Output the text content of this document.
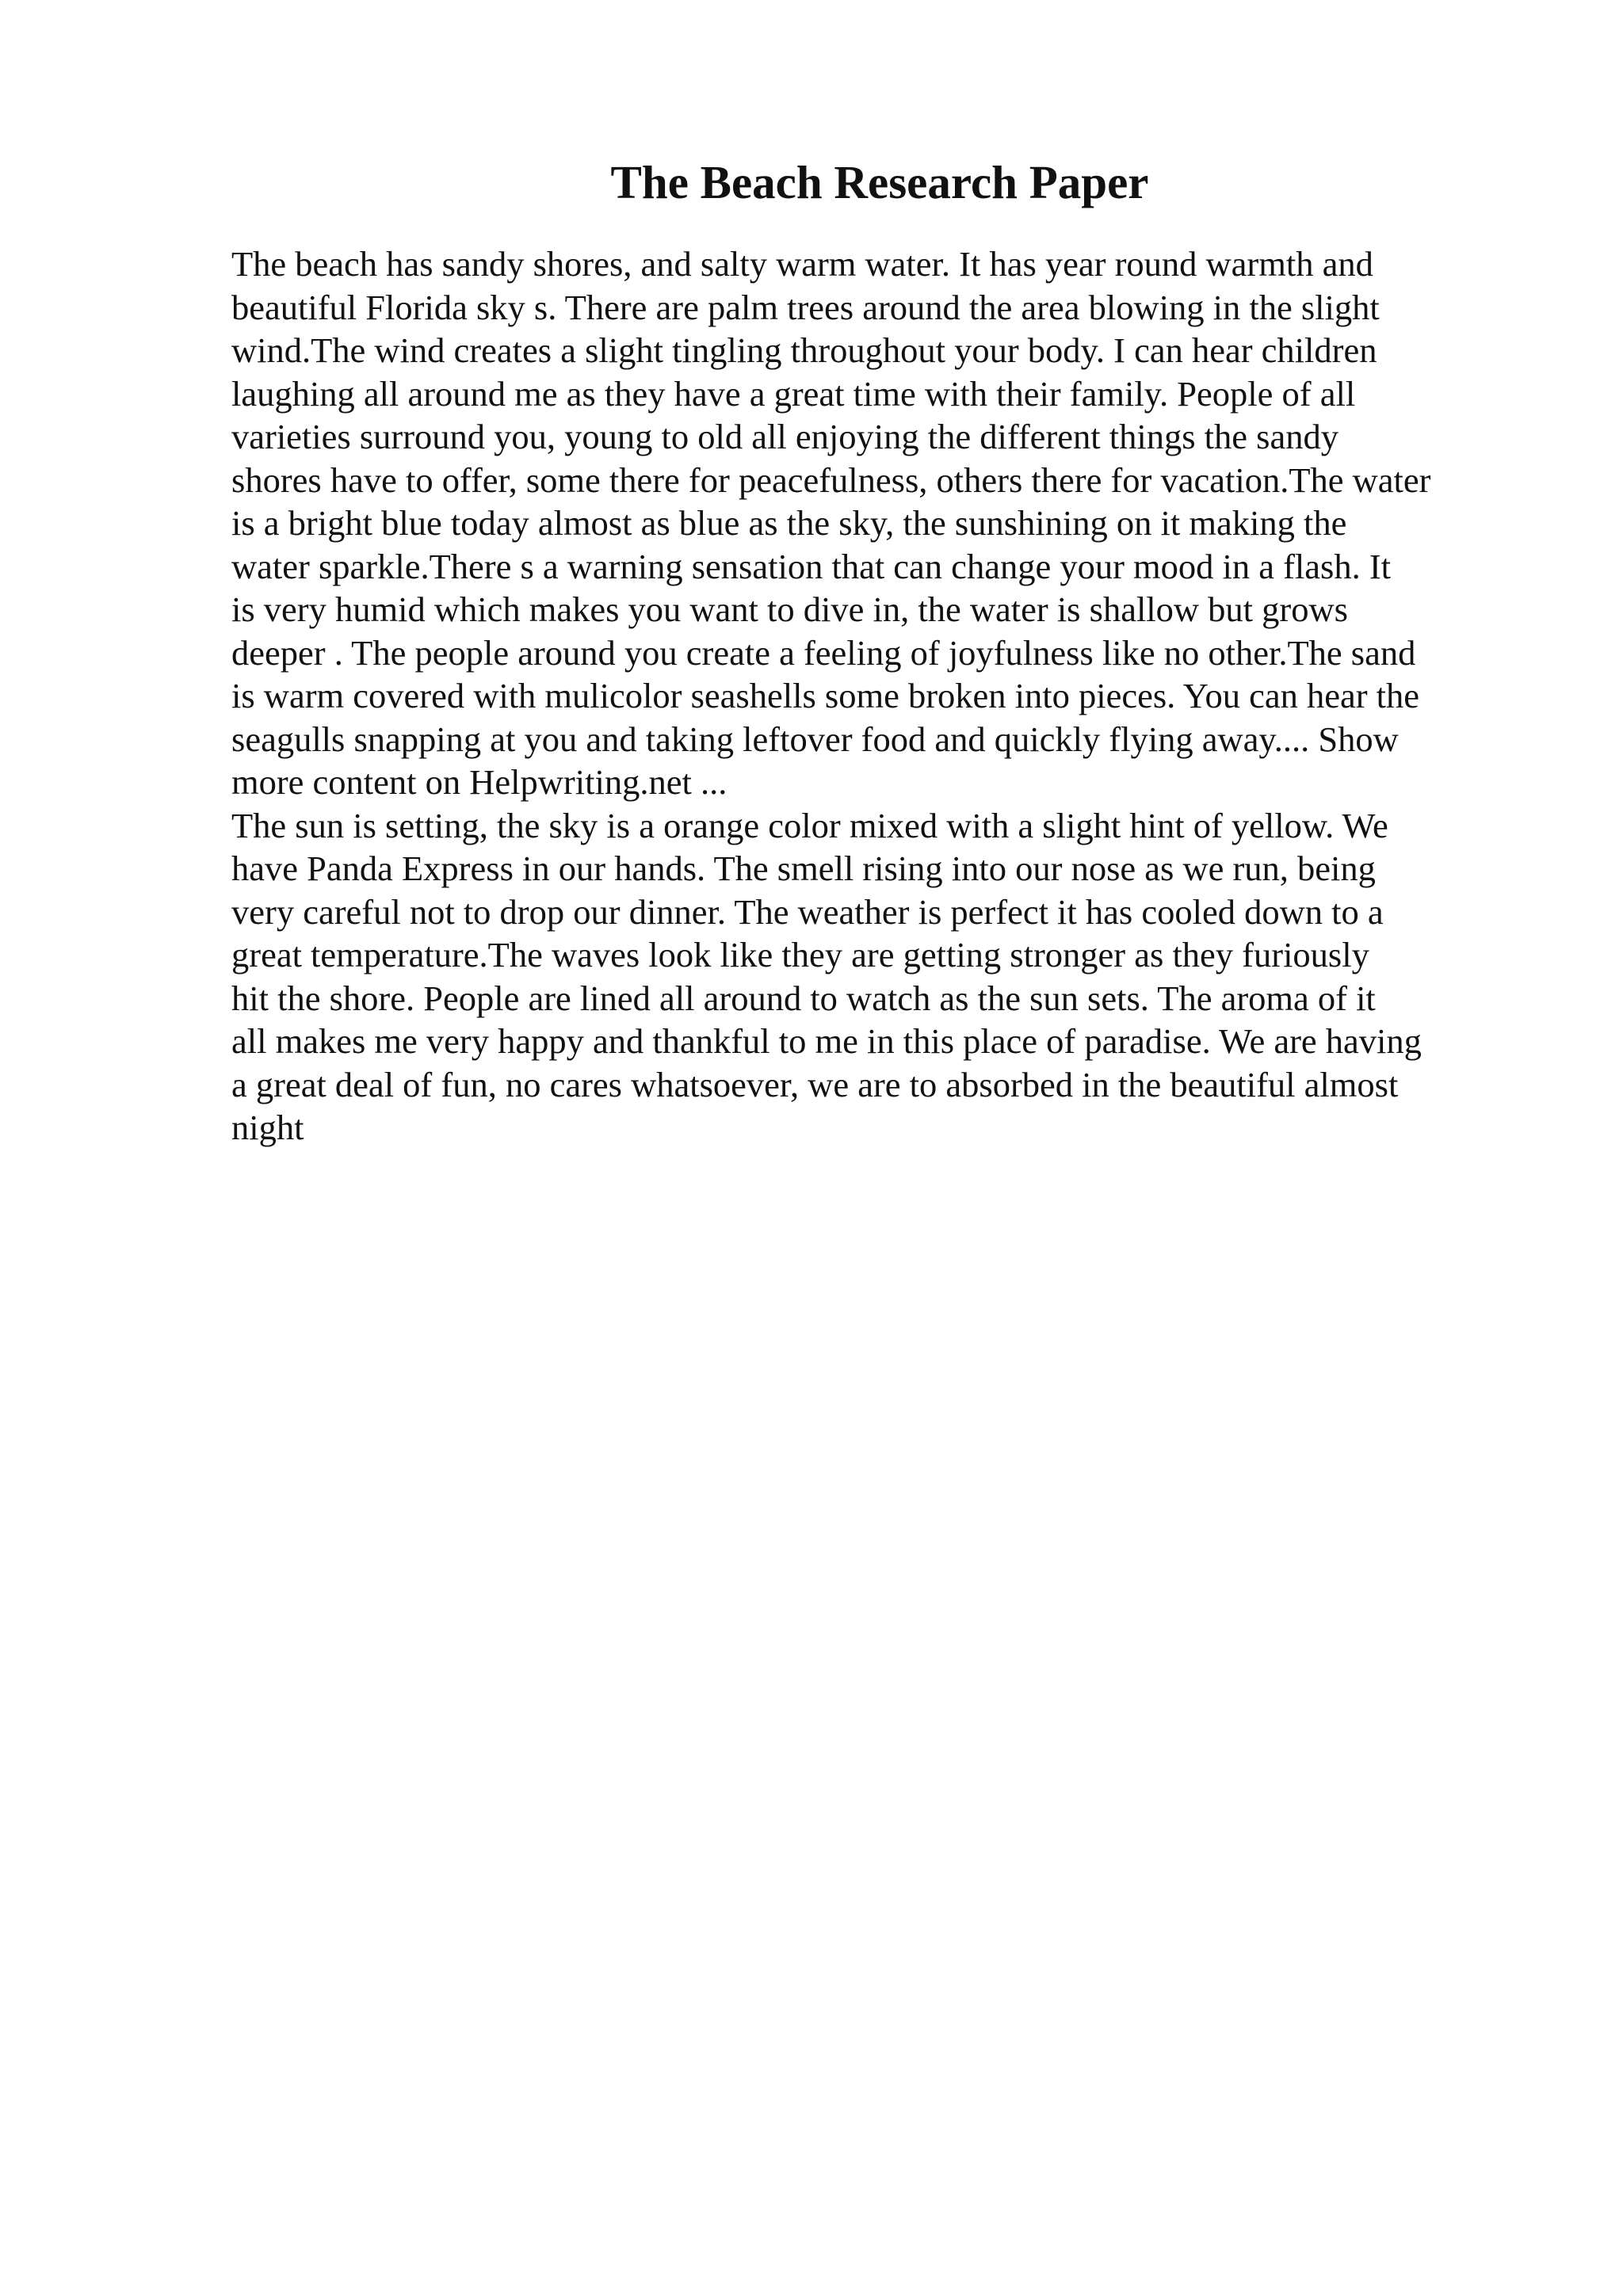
The Beach Research Paper
The beach has sandy shores, and salty warm water. It has year round warmth and
beautiful Florida sky s. There are palm trees around the area blowing in the slight
wind.The wind creates a slight tingling throughout your body. I can hear children
laughing all around me as they have a great time with their family. People of all
varieties surround you, young to old all enjoying the different things the sandy
shores have to offer, some there for peacefulness, others there for vacation.The water
is a bright blue today almost as blue as the sky, the sunshining on it making the
water sparkle.There s a warning sensation that can change your mood in a flash. It
is very humid which makes you want to dive in, the water is shallow but grows
deeper . The people around you create a feeling of joyfulness like no other.The sand
is warm covered with mulicolor seashells some broken into pieces. You can hear the
seagulls snapping at you and taking leftover food and quickly flying away.... Show
more content on Helpwriting.net ...
The sun is setting, the sky is a orange color mixed with a slight hint of yellow. We
have Panda Express in our hands. The smell rising into our nose as we run, being
very careful not to drop our dinner. The weather is perfect it has cooled down to a
great temperature.The waves look like they are getting stronger as they furiously
hit the shore. People are lined all around to watch as the sun sets. The aroma of it
all makes me very happy and thankful to me in this place of paradise. We are having
a great deal of fun, no cares whatsoever, we are to absorbed in the beautiful almost
night
